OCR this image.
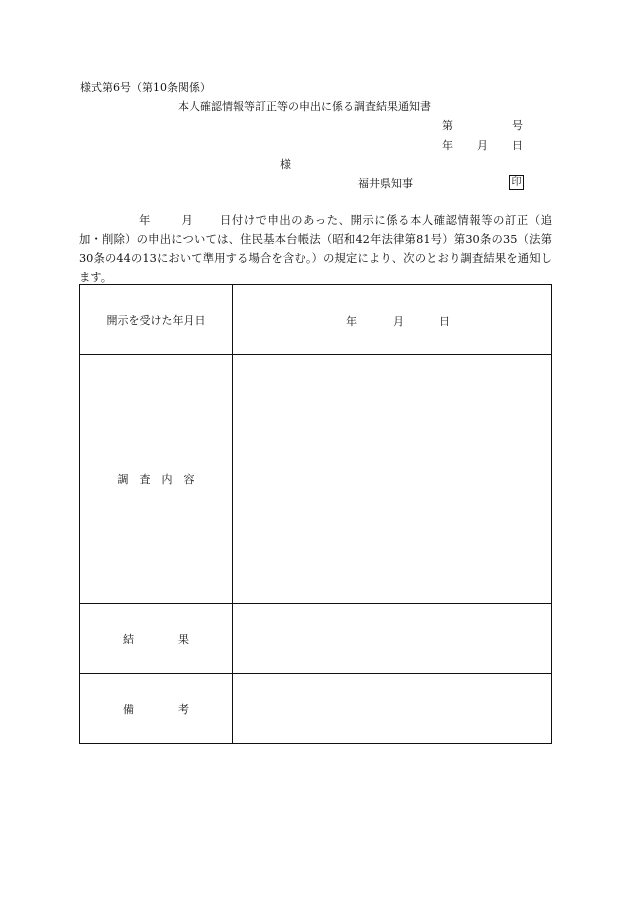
様式第6号（第10条関係）
本人確認情報等訂正等の申出に係る調査結果通知書
第	号
年 月 日
様
福井県知事	印
年	月 日付けで申出のあった、開示に係る本人確認情報等の訂正（追加・削除）の申出については、住民基本台帳法（昭和42年法律第81号）第30条の35（法第30条の44の13において準用する場合を含む。）の規定により、次のとおり調査結果を通知します。
開示を受けた年月日	年 月 日

調　査　内　容	
結　　　　果	
備　　　　考	
